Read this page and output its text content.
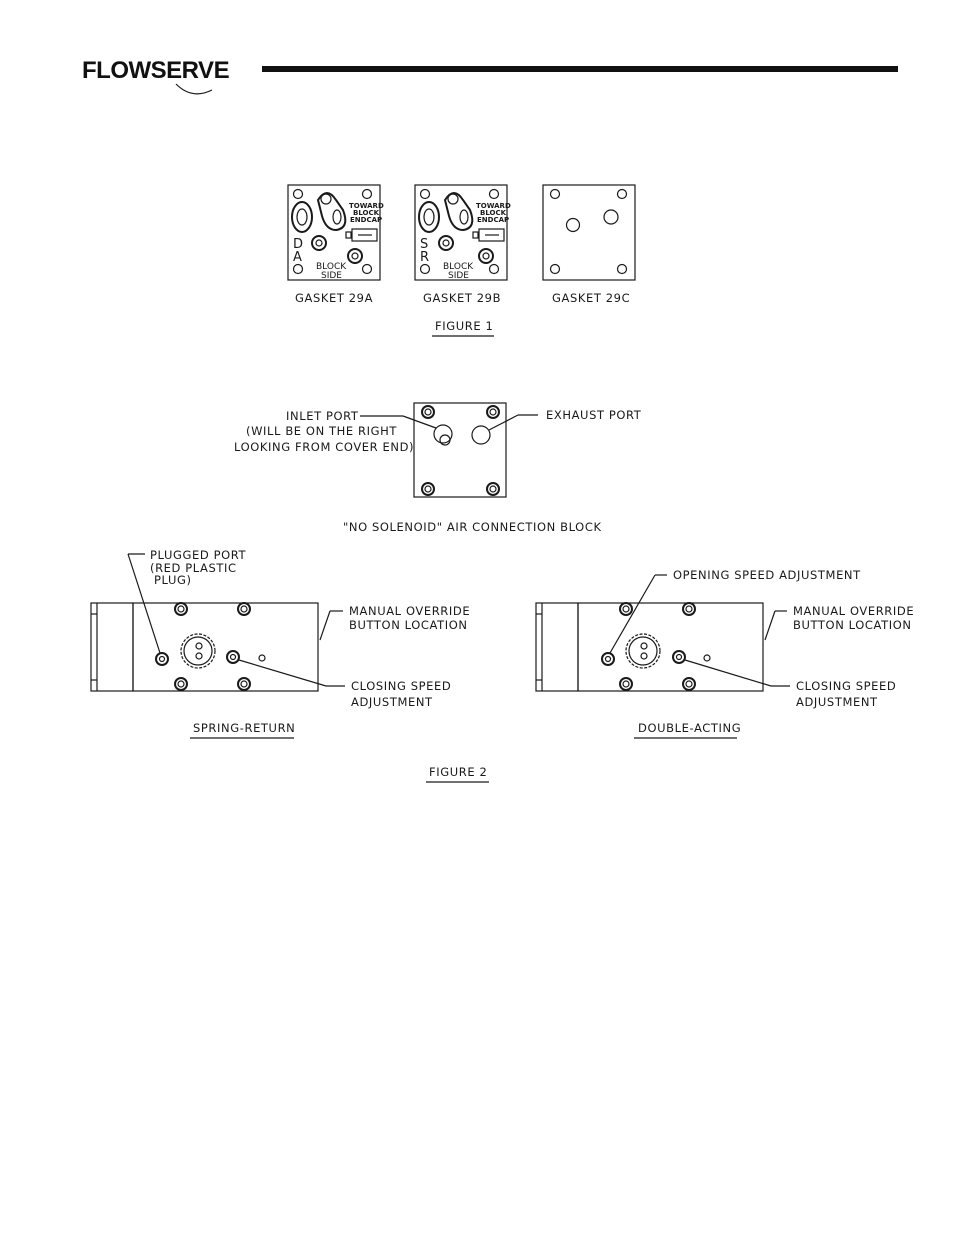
FLOWSERVE
TOWARD
BLOCK
ENDCAP
D
A
BLOCK
SIDE
GASKET 29A
TOWARD
BLOCK
ENDCAP
S
R
BLOCK
SIDE
GASKET 29B	GASKET 29C
FIGURE 1
INLET PORT
(WILL BE ON THE RIGHT
LOOKING FROM COVER END)
EXHAUST PORT
"NO SOLENOID" AIR CONNECTION BLOCK
PLUGGED PORT
(RED PLASTIC
PLUG)
MANUAL OVERRIDE
BUTTON LOCATION
CLOSING SPEED
ADJUSTMENT
SPRING-RETURN
OPENING SPEED ADJUSTMENT
MANUAL OVERRIDE
BUTTON LOCATION
CLOSING SPEED
ADJUSTMENT
DOUBLE-ACTING
FIGURE 2
